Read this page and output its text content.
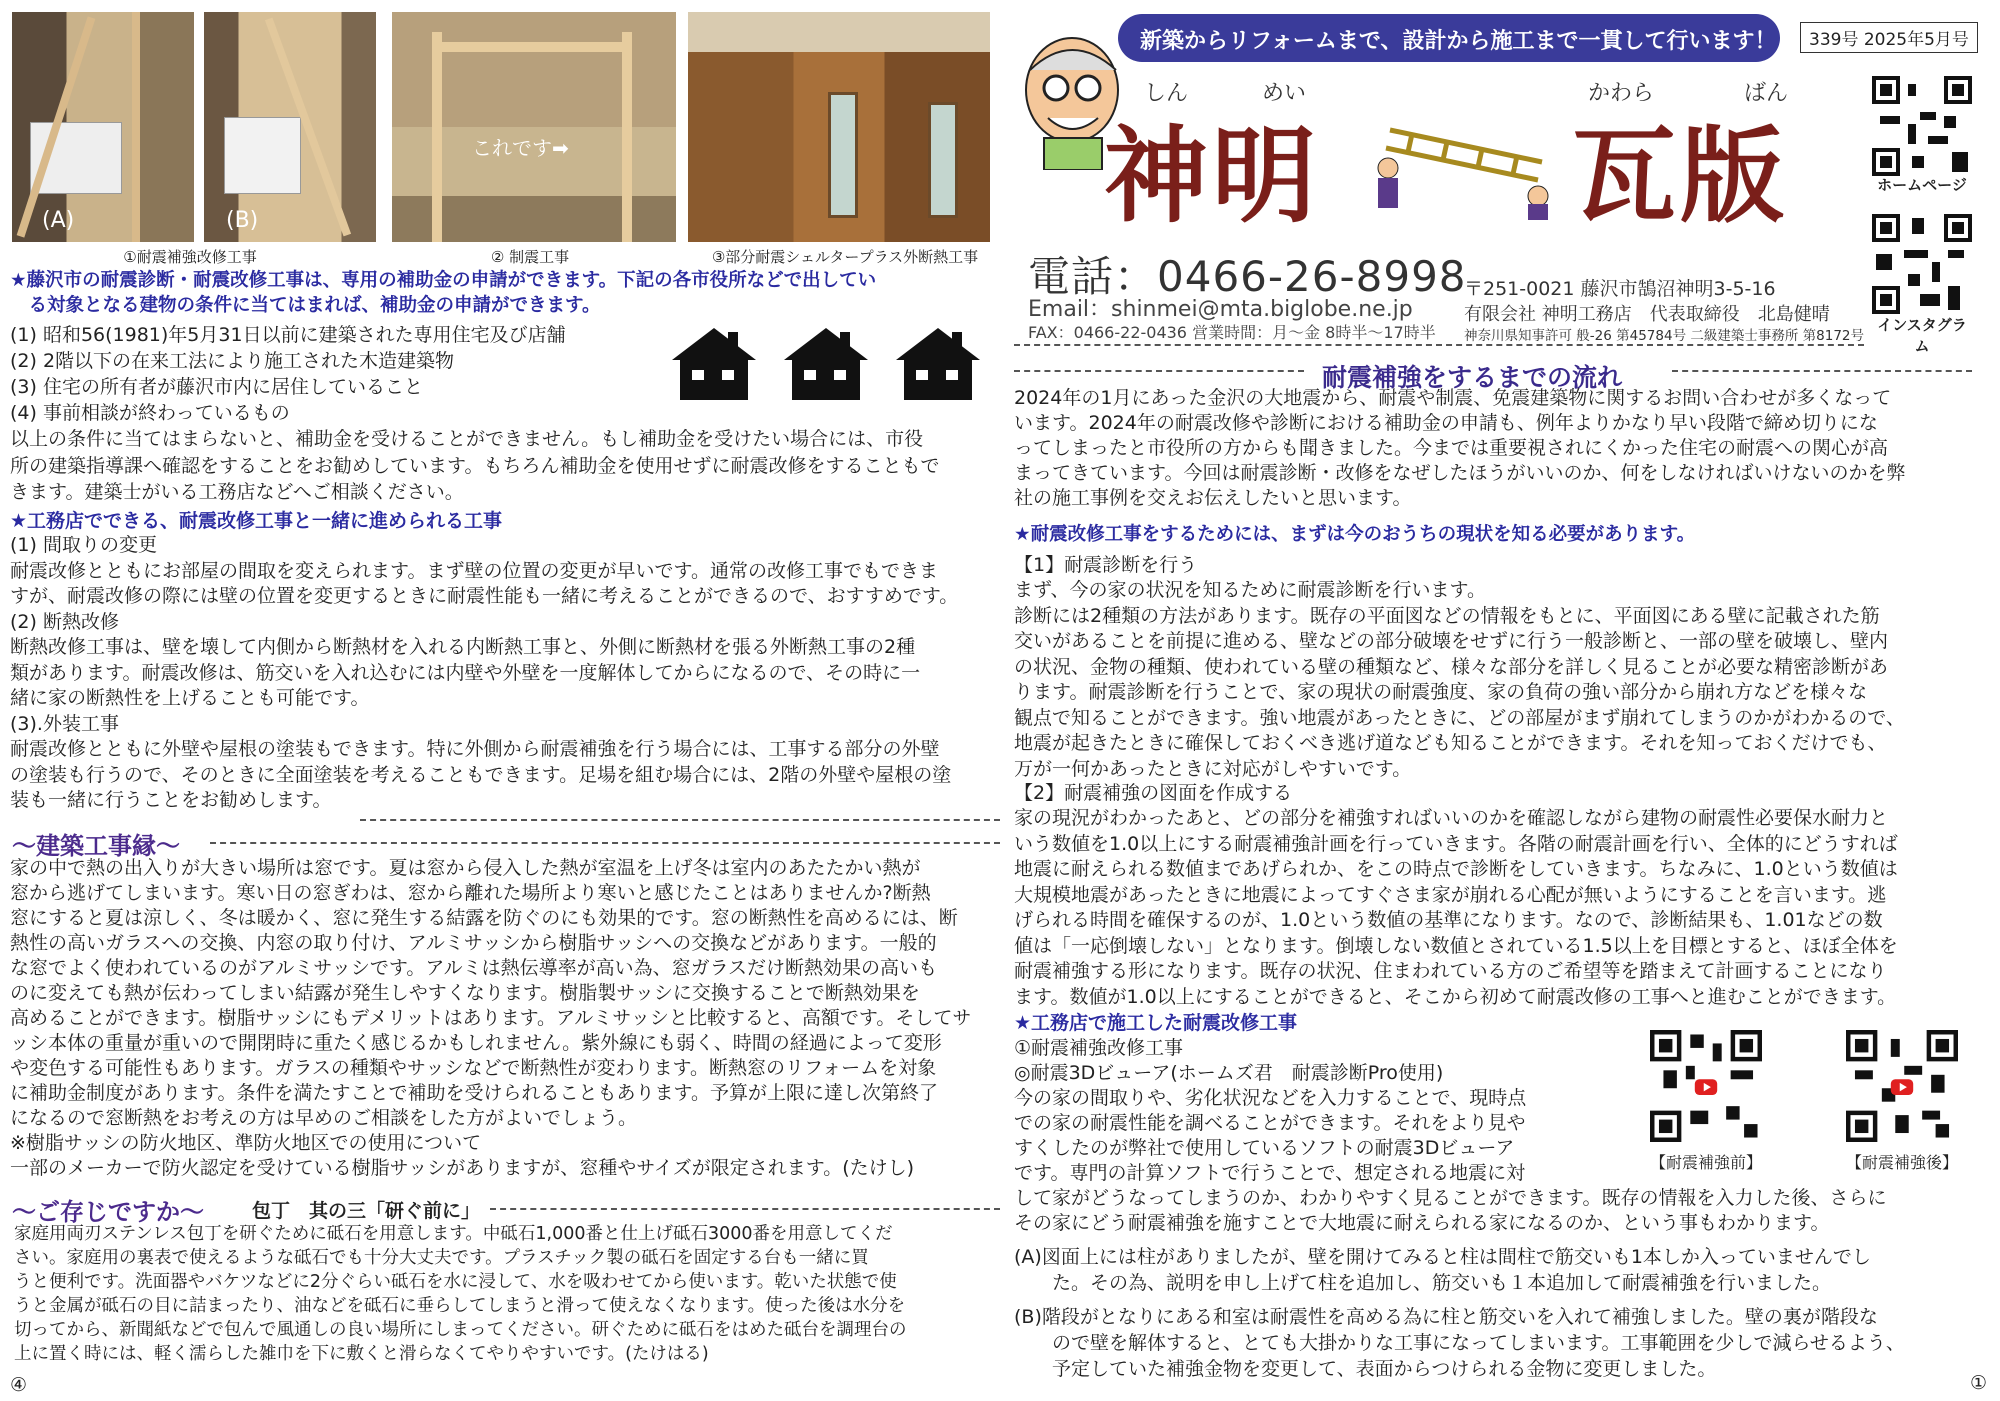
(A)	(B)
これです➡
①耐震補強改修工事	② 制震工事	③部分耐震シェルタープラス外断熱工事
★藤沢市の耐震診断・耐震改修工事は、専用の補助金の申請ができます。下記の各市役所などで出してい
　る対象となる建物の条件に当てはまれば、補助金の申請ができます。
(1) 昭和56(1981)年5月31日以前に建築された専用住宅及び店舗
(2) 2階以下の在来工法により施工された木造建築物
(3) 住宅の所有者が藤沢市内に居住していること
(4) 事前相談が終わっているもの
以上の条件に当てはまらないと、補助金を受けることができません。もし補助金を受けたい場合には、市役
所の建築指導課へ確認をすることをお勧めしています。もちろん補助金を使用せずに耐震改修をすることもで
きます。建築士がいる工務店などへご相談ください。
★工務店でできる、耐震改修工事と一緒に進められる工事
(1) 間取りの変更
耐震改修とともにお部屋の間取を変えられます。まず壁の位置の変更が早いです。通常の改修工事でもできま
すが、耐震改修の際には壁の位置を変更するときに耐震性能も一緒に考えることができるので、おすすめです。
(2) 断熱改修
断熱改修工事は、壁を壊して内側から断熱材を入れる内断熱工事と、外側に断熱材を張る外断熱工事の2種
類があります。耐震改修は、筋交いを入れ込むには内壁や外壁を一度解体してからになるので、その時に一
緒に家の断熱性を上げることも可能です。
(3).外装工事
耐震改修とともに外壁や屋根の塗装もできます。特に外側から耐震補強を行う場合には、工事する部分の外壁
の塗装も行うので、そのときに全面塗装を考えることもできます。足場を組む場合には、2階の外壁や屋根の塗
装も一緒に行うことをお勧めします。
〜建築工事縁〜
家の中で熱の出入りが大きい場所は窓です。夏は窓から侵入した熱が室温を上げ冬は室内のあたたかい熱が
窓から逃げてしまいます。寒い日の窓ぎわは、窓から離れた場所より寒いと感じたことはありませんか?断熱
窓にすると夏は涼しく、冬は暖かく、窓に発生する結露を防ぐのにも効果的です。窓の断熱性を高めるには、断
熱性の高いガラスへの交換、内窓の取り付け、アルミサッシから樹脂サッシへの交換などがあります。一般的
な窓でよく使われているのがアルミサッシです。アルミは熱伝導率が高い為、窓ガラスだけ断熱効果の高いも
のに変えても熱が伝わってしまい結露が発生しやすくなります。樹脂製サッシに交換することで断熱効果を
高めることができます。樹脂サッシにもデメリットはあります。アルミサッシと比較すると、高額です。そしてサ
ッシ本体の重量が重いので開閉時に重たく感じるかもしれません。紫外線にも弱く、時間の経過によって変形
や変色する可能性もあります。ガラスの種類やサッシなどで断熱性が変わります。断熱窓のリフォームを対象
に補助金制度があります。条件を満たすことで補助を受けられることもあります。予算が上限に達し次第終了
になるので窓断熱をお考えの方は早めのご相談をした方がよいでしょう。
※樹脂サッシの防火地区、準防火地区での使用について
一部のメーカーで防火認定を受けている樹脂サッシがありますが、窓種やサイズが限定されます。(たけし)
〜ご存じですか〜	包丁　其の三「研ぐ前に」
家庭用両刃ステンレス包丁を研ぐために砥石を用意します。中砥石1,000番と仕上げ砥石3000番を用意してくだ
さい。家庭用の裏表で使えるような砥石でも十分大丈夫です。プラスチック製の砥石を固定する台も一緒に買
うと便利です。洗面器やバケツなどに2分ぐらい砥石を水に浸して、水を吸わせてから使います。乾いた状態で使
うと金属が砥石の目に詰まったり、油などを砥石に垂らしてしまうと滑って使えなくなります。使った後は水分を
切ってから、新聞紙などで包んで風通しの良い場所にしまってください。研ぐために砥石をはめた砥台を調理台の
上に置く時には、軽く濡らした雑巾を下に敷くと滑らなくてやりやすいです。(たけはる)
④
新築からリフォームまで、設計から施工まで一貫して行います！	339号 2025年5月号
しん	めい	かわら	ばん
神明 瓦版	ホームページ
インスタグラム
電話：0466-26-8998
Email：shinmei@mta.biglobe.ne.jp
FAX：0466-22-0436 営業時間：月〜金 8時半〜17時半
〒251-0021 藤沢市鵠沼神明3-5-16
有限会社 神明工務店　代表取締役　北島健晴
神奈川県知事許可 般-26 第45784号 二級建築士事務所 第8172号
耐震補強をするまでの流れ
2024年の1月にあった金沢の大地震から、耐震や制震、免震建築物に関するお問い合わせが多くなって
います。2024年の耐震改修や診断における補助金の申請も、例年よりかなり早い段階で締め切りにな
ってしまったと市役所の方からも聞きました。今までは重要視されにくかった住宅の耐震への関心が高
まってきています。今回は耐震診断・改修をなぜしたほうがいいのか、何をしなければいけないのかを弊
社の施工事例を交えお伝えしたいと思います。
★耐震改修工事をするためには、まずは今のおうちの現状を知る必要があります。
【1】耐震診断を行う
まず、今の家の状況を知るために耐震診断を行います。
診断には2種類の方法があります。既存の平面図などの情報をもとに、平面図にある壁に記載された筋
交いがあることを前提に進める、壁などの部分破壊をせずに行う一般診断と、一部の壁を破壊し、壁内
の状況、金物の種類、使われている壁の種類など、様々な部分を詳しく見ることが必要な精密診断があ
ります。耐震診断を行うことで、家の現状の耐震強度、家の負荷の強い部分から崩れ方などを様々な
観点で知ることができます。強い地震があったときに、どの部屋がまず崩れてしまうのかがわかるので、
地震が起きたときに確保しておくべき逃げ道なども知ることができます。それを知っておくだけでも、
万が一何かあったときに対応がしやすいです。
【2】耐震補強の図面を作成する
家の現況がわかったあと、どの部分を補強すればいいのかを確認しながら建物の耐震性必要保水耐力と
いう数値を1.0以上にする耐震補強計画を行っていきます。各階の耐震計画を行い、全体的にどうすれば
地震に耐えられる数値まであげられか、をこの時点で診断をしていきます。ちなみに、1.0という数値は
大規模地震があったときに地震によってすぐさま家が崩れる心配が無いようにすることを言います。逃
げられる時間を確保するのが、1.0という数値の基準になります。なので、診断結果も、1.01などの数
値は「一応倒壊しない」となります。倒壊しない数値とされている1.5以上を目標とすると、ほぼ全体を
耐震補強する形になります。既存の状況、住まわれている方のご希望等を踏まえて計画することになり
ます。数値が1.0以上にすることができると、そこから初めて耐震改修の工事へと進むことができます。
★工務店で施工した耐震改修工事
①耐震補強改修工事
◎耐震3Dビューア(ホームズ君　耐震診断Pro使用)
今の家の間取りや、劣化状況などを入力することで、現時点
での家の耐震性能を調べることができます。それをより見や
すくしたのが弊社で使用しているソフトの耐震3Dビューア
です。専門の計算ソフトで行うことで、想定される地震に対
して家がどうなってしまうのか、わかりやすく見ることができます。既存の情報を入力した後、さらに
その家にどう耐震補強を施すことで大地震に耐えられる家になるのか、という事もわかります。
【耐震補強前】	【耐震補強後】
(A)図面上には柱がありましたが、壁を開けてみると柱は間柱で筋交いも1本しか入っていませんでし
　　た。その為、説明を申し上げて柱を追加し、筋交いも１本追加して耐震補強を行いました。
(B)階段がとなりにある和室は耐震性を高める為に柱と筋交いを入れて補強しました。壁の裏が階段な
　　ので壁を解体すると、とても大掛かりな工事になってしまいます。工事範囲を少しで減らせるよう、
　　予定していた補強金物を変更して、表面からつけられる金物に変更しました。
①
